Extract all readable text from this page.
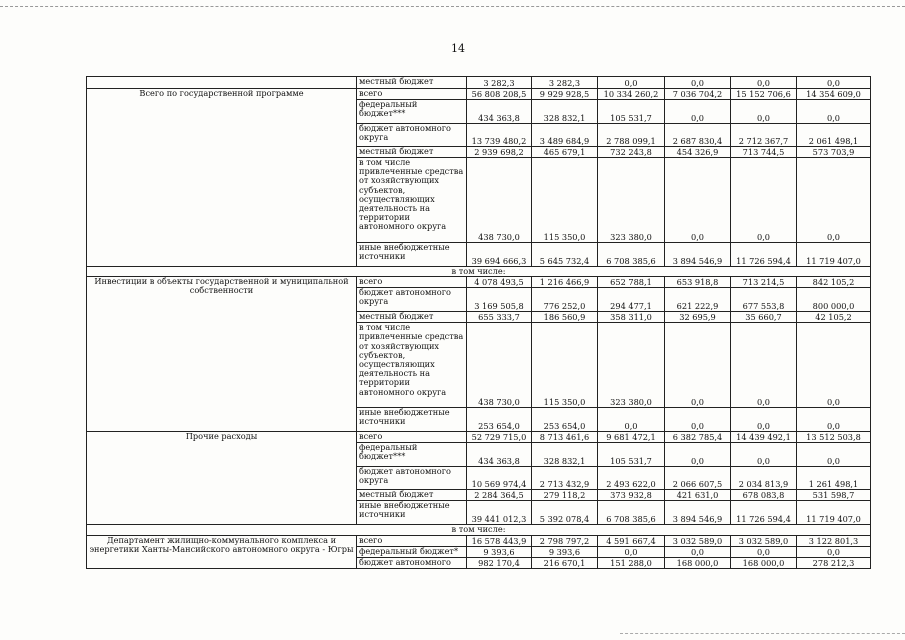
14
	местный бюджет	3 282,3	3 282,3	0,0	0,0	0,0	0,0
Всего по государственной программе	всего	56 808 208,5	9 929 928,5	10 334 260,2	7 036 704,2	15 152 706,6	14 354 609,0
	федеральный бюджет***	434 363,8	328 832,1	105 531,7	0,0	0,0	0,0
	бюджет автономного округа	13 739 480,2	3 489 684,9	2 788 099,1	2 687 830,4	2 712 367,7	2 061 498,1
	местный бюджет	2 939 698,2	465 679,1	732 243,8	454 326,9	713 744,5	573 703,9
	в том числе привлеченные средства от хозяйствующих субъектов, осуществляющих деятельность на территории автономного округа	438 730,0	115 350,0	323 380,0	0,0	0,0	0,0
	иные внебюджетные источники	39 694 666,3	5 645 732,4	6 708 385,6	3 894 546,9	11 726 594,4	11 719 407,0
в том числе:							
Инвестиции в объекты государственной и муниципальной собственности	всего	4 078 493,5	1 216 466,9	652 788,1	653 918,8	713 214,5	842 105,2
	бюджет автономного округа	3 169 505,8	776 252,0	294 477,1	621 222,9	677 553,8	800 000,0
	местный бюджет	655 333,7	186 560,9	358 311,0	32 695,9	35 660,7	42 105,2
	в том числе привлеченные средства от хозяйствующих субъектов, осуществляющих деятельность на территории автономного округа	438 730,0	115 350,0	323 380,0	0,0	0,0	0,0
	иные внебюджетные источники	253 654,0	253 654,0	0,0	0,0	0,0	0,0
Прочие расходы	всего	52 729 715,0	8 713 461,6	9 681 472,1	6 382 785,4	14 439 492,1	13 512 503,8
	федеральный бюджет***	434 363,8	328 832,1	105 531,7	0,0	0,0	0,0
	бюджет автономного округа	10 569 974,4	2 713 432,9	2 493 622,0	2 066 607,5	2 034 813,9	1 261 498,1
	местный бюджет	2 284 364,5	279 118,2	373 932,8	421 631,0	678 083,8	531 598,7
	иные внебюджетные источники	39 441 012,3	5 392 078,4	6 708 385,6	3 894 546,9	11 726 594,4	11 719 407,0
в том числе:							
Департамент жилищно-коммунального комплекса и энергетики Ханты-Мансийского автономного округа - Югры	всего	16 578 443,9	2 798 797,2	4 591 667,4	3 032 589,0	3 032 589,0	3 122 801,3
	федеральный бюджет*	9 393,6	9 393,6	0,0	0,0	0,0	0,0
	бюджет автономного	982 170,4	216 670,1	151 288,0	168 000,0	168 000,0	278 212,3
